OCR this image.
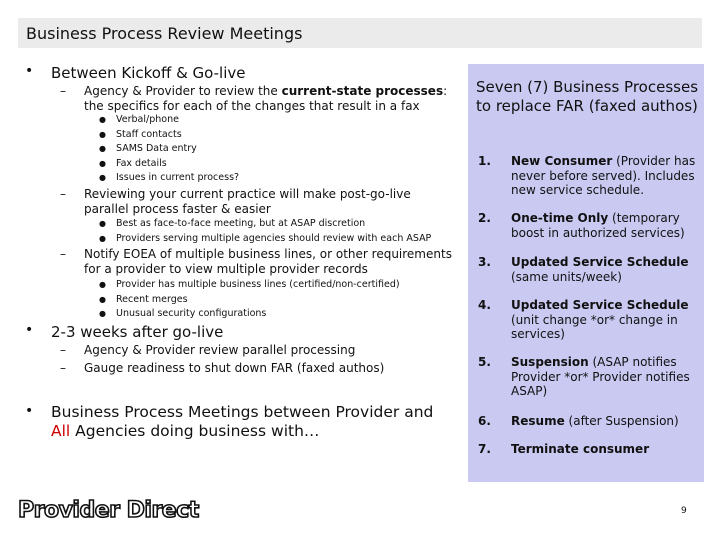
Business Process Review Meetings
• Between Kickoff & Go-live
– Agency & Provider to review the current-state processes: the specifics for each of the changes that result in a fax
● Verbal/phone
● Staff contacts
● SAMS Data entry
● Fax details
● Issues in current process?
– Reviewing your current practice will make post-go-live parallel process faster & easier
● Best as face-to-face meeting, but at ASAP discretion
● Providers serving multiple agencies should review with each ASAP
– Notify EOEA of multiple business lines, or other requirements for a provider to view multiple provider records
● Provider has multiple business lines (certified/non-certified)
● Recent merges
● Unusual security configurations
• 2-3 weeks after go-live
– Agency & Provider review parallel processing
– Gauge readiness to shut down FAR (faxed authos)
• Business Process Meetings between Provider and All Agencies doing business with…
Seven (7) Business Processes to replace FAR (faxed authos)
1. New Consumer (Provider has never before served). Includes new service schedule.
2. One-time Only (temporary boost in authorized services)
3. Updated Service Schedule (same units/week)
4. Updated Service Schedule (unit change *or* change in services)
5. Suspension (ASAP notifies Provider *or* Provider notifies ASAP)
6. Resume (after Suspension)
7. Terminate consumer
Provider Direct	9
